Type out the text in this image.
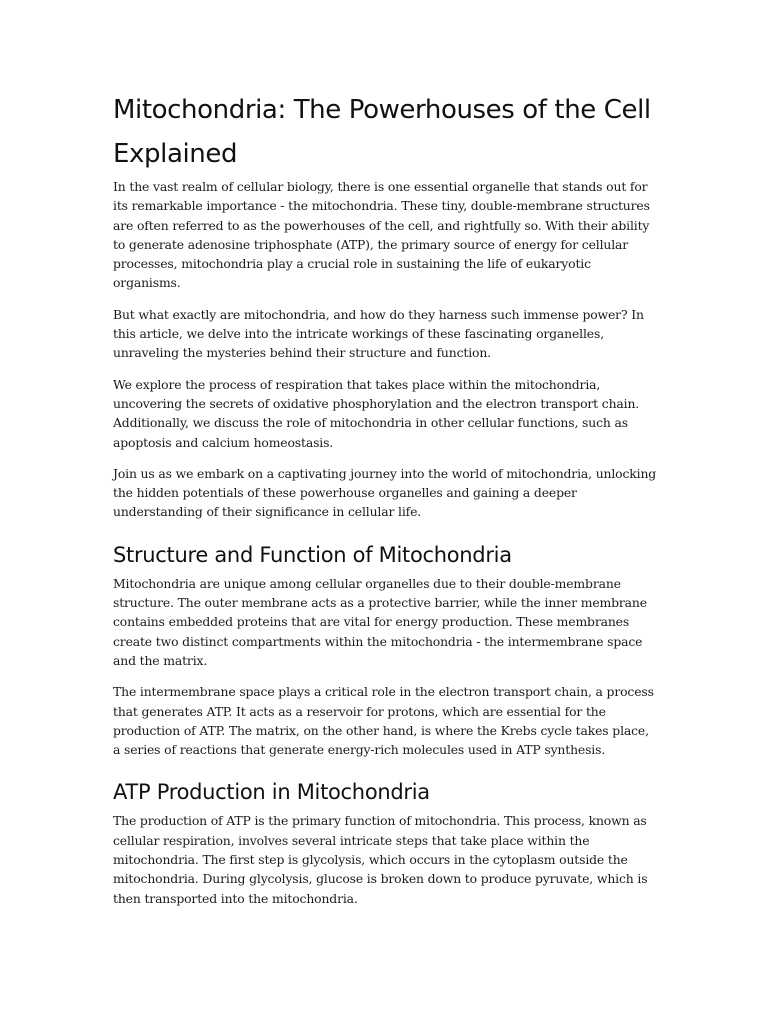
Mitochondria: The Powerhouses of the Cell Explained

In the vast realm of cellular biology, there is one essential organelle that stands out for its remarkable importance - the mitochondria. These tiny, double-membrane structures are often referred to as the powerhouses of the cell, and rightfully so. With their ability to generate adenosine triphosphate (ATP), the primary source of energy for cellular processes, mitochondria play a crucial role in sustaining the life of eukaryotic organisms.

But what exactly are mitochondria, and how do they harness such immense power? In this article, we delve into the intricate workings of these fascinating organelles, unraveling the mysteries behind their structure and function.

We explore the process of respiration that takes place within the mitochondria, uncovering the secrets of oxidative phosphorylation and the electron transport chain. Additionally, we discuss the role of mitochondria in other cellular functions, such as apoptosis and calcium homeostasis.

Join us as we embark on a captivating journey into the world of mitochondria, unlocking the hidden potentials of these powerhouse organelles and gaining a deeper understanding of their significance in cellular life.

Structure and Function of Mitochondria

Mitochondria are unique among cellular organelles due to their double-membrane structure. The outer membrane acts as a protective barrier, while the inner membrane contains embedded proteins that are vital for energy production. These membranes create two distinct compartments within the mitochondria - the intermembrane space and the matrix.

The intermembrane space plays a critical role in the electron transport chain, a process that generates ATP. It acts as a reservoir for protons, which are essential for the production of ATP. The matrix, on the other hand, is where the Krebs cycle takes place, a series of reactions that generate energy-rich molecules used in ATP synthesis.

ATP Production in Mitochondria

The production of ATP is the primary function of mitochondria. This process, known as cellular respiration, involves several intricate steps that take place within the mitochondria. The first step is glycolysis, which occurs in the cytoplasm outside the mitochondria. During glycolysis, glucose is broken down to produce pyruvate, which is then transported into the mitochondria.
